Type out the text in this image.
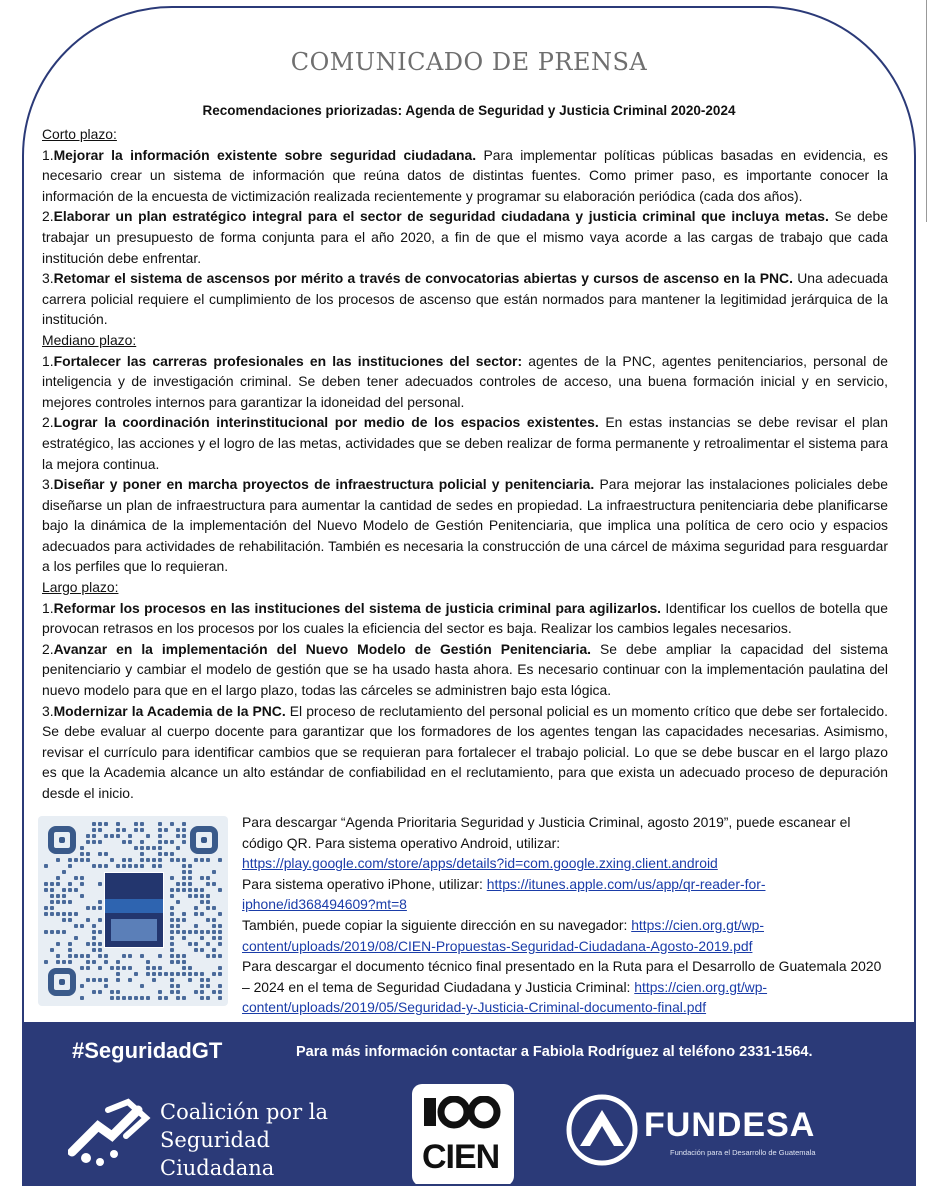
COMUNICADO DE PRENSA
Recomendaciones priorizadas: Agenda de Seguridad y Justicia Criminal 2020-2024
Corto plazo:
1.Mejorar la información existente sobre seguridad ciudadana. Para implementar políticas públicas basadas en evidencia, es necesario crear un sistema de información que reúna datos de distintas fuentes. Como primer paso, es importante conocer la información de la encuesta de victimización realizada recientemente y programar su elaboración periódica (cada dos años).
2.Elaborar un plan estratégico integral para el sector de seguridad ciudadana y justicia criminal que incluya metas. Se debe trabajar un presupuesto de forma conjunta para el año 2020, a fin de que el mismo vaya acorde a las cargas de trabajo que cada institución debe enfrentar.
3.Retomar el sistema de ascensos por mérito a través de convocatorias abiertas y cursos de ascenso en la PNC. Una adecuada carrera policial requiere el cumplimiento de los procesos de ascenso que están normados para mantener la legitimidad jerárquica de la institución.
Mediano plazo:
1.Fortalecer las carreras profesionales en las instituciones del sector: agentes de la PNC, agentes penitenciarios, personal de inteligencia y de investigación criminal. Se deben tener adecuados controles de acceso, una buena formación inicial y en servicio, mejores controles internos para garantizar la idoneidad del personal.
2.Lograr la coordinación interinstitucional por medio de los espacios existentes. En estas instancias se debe revisar el plan estratégico, las acciones y el logro de las metas, actividades que se deben realizar de forma permanente y retroalimentar el sistema para la mejora continua.
3.Diseñar y poner en marcha proyectos de infraestructura policial y penitenciaria. Para mejorar las instalaciones policiales debe diseñarse un plan de infraestructura para aumentar la cantidad de sedes en propiedad. La infraestructura penitenciaria debe planificarse bajo la dinámica de la implementación del Nuevo Modelo de Gestión Penitenciaria, que implica una política de cero ocio y espacios adecuados para actividades de rehabilitación. También es necesaria la construcción de una cárcel de máxima seguridad para resguardar a los perfiles que lo requieran.
Largo plazo:
1.Reformar los procesos en las instituciones del sistema de justicia criminal para agilizarlos. Identificar los cuellos de botella que provocan retrasos en los procesos por los cuales la eficiencia del sector es baja. Realizar los cambios legales necesarios.
2.Avanzar en la implementación del Nuevo Modelo de Gestión Penitenciaria. Se debe ampliar la capacidad del sistema penitenciario y cambiar el modelo de gestión que se ha usado hasta ahora. Es necesario continuar con la implementación paulatina del nuevo modelo para que en el largo plazo, todas las cárceles se administren bajo esta lógica.
3.Modernizar la Academia de la PNC. El proceso de reclutamiento del personal policial es un momento crítico que debe ser fortalecido. Se debe evaluar al cuerpo docente para garantizar que los formadores de los agentes tengan las capacidades necesarias. Asimismo, revisar el currículo para identificar cambios que se requieran para fortalecer el trabajo policial. Lo que se debe buscar en el largo plazo es que la Academia alcance un alto estándar de confiabilidad en el reclutamiento, para que exista un adecuado proceso de depuración desde el inicio.
Para descargar “Agenda Prioritaria Seguridad y Justicia Criminal, agosto 2019”, puede escanear el código QR. Para sistema operativo Android, utilizar:
https://play.google.com/store/apps/details?id=com.google.zxing.client.android
Para sistema operativo iPhone, utilizar: https://itunes.apple.com/us/app/qr-reader-for-iphone/id368494609?mt=8
También, puede copiar la siguiente dirección en su navegador: https://cien.org.gt/wp-content/uploads/2019/08/CIEN-Propuestas-Seguridad-Ciudadana-Agosto-2019.pdf
Para descargar el documento técnico final presentado en la Ruta para el Desarrollo de Guatemala 2020 – 2024 en el tema de Seguridad Ciudadana y Justicia Criminal: https://cien.org.gt/wp-content/uploads/2019/05/Seguridad-y-Justicia-Criminal-documento-final.pdf
#SeguridadGT	Para más información contactar a Fabiola Rodríguez al teléfono 2331-1564.
Coalición por la
Seguridad Ciudadana	CIEN
FUNDESA
Fundación para el Desarrollo de Guatemala
